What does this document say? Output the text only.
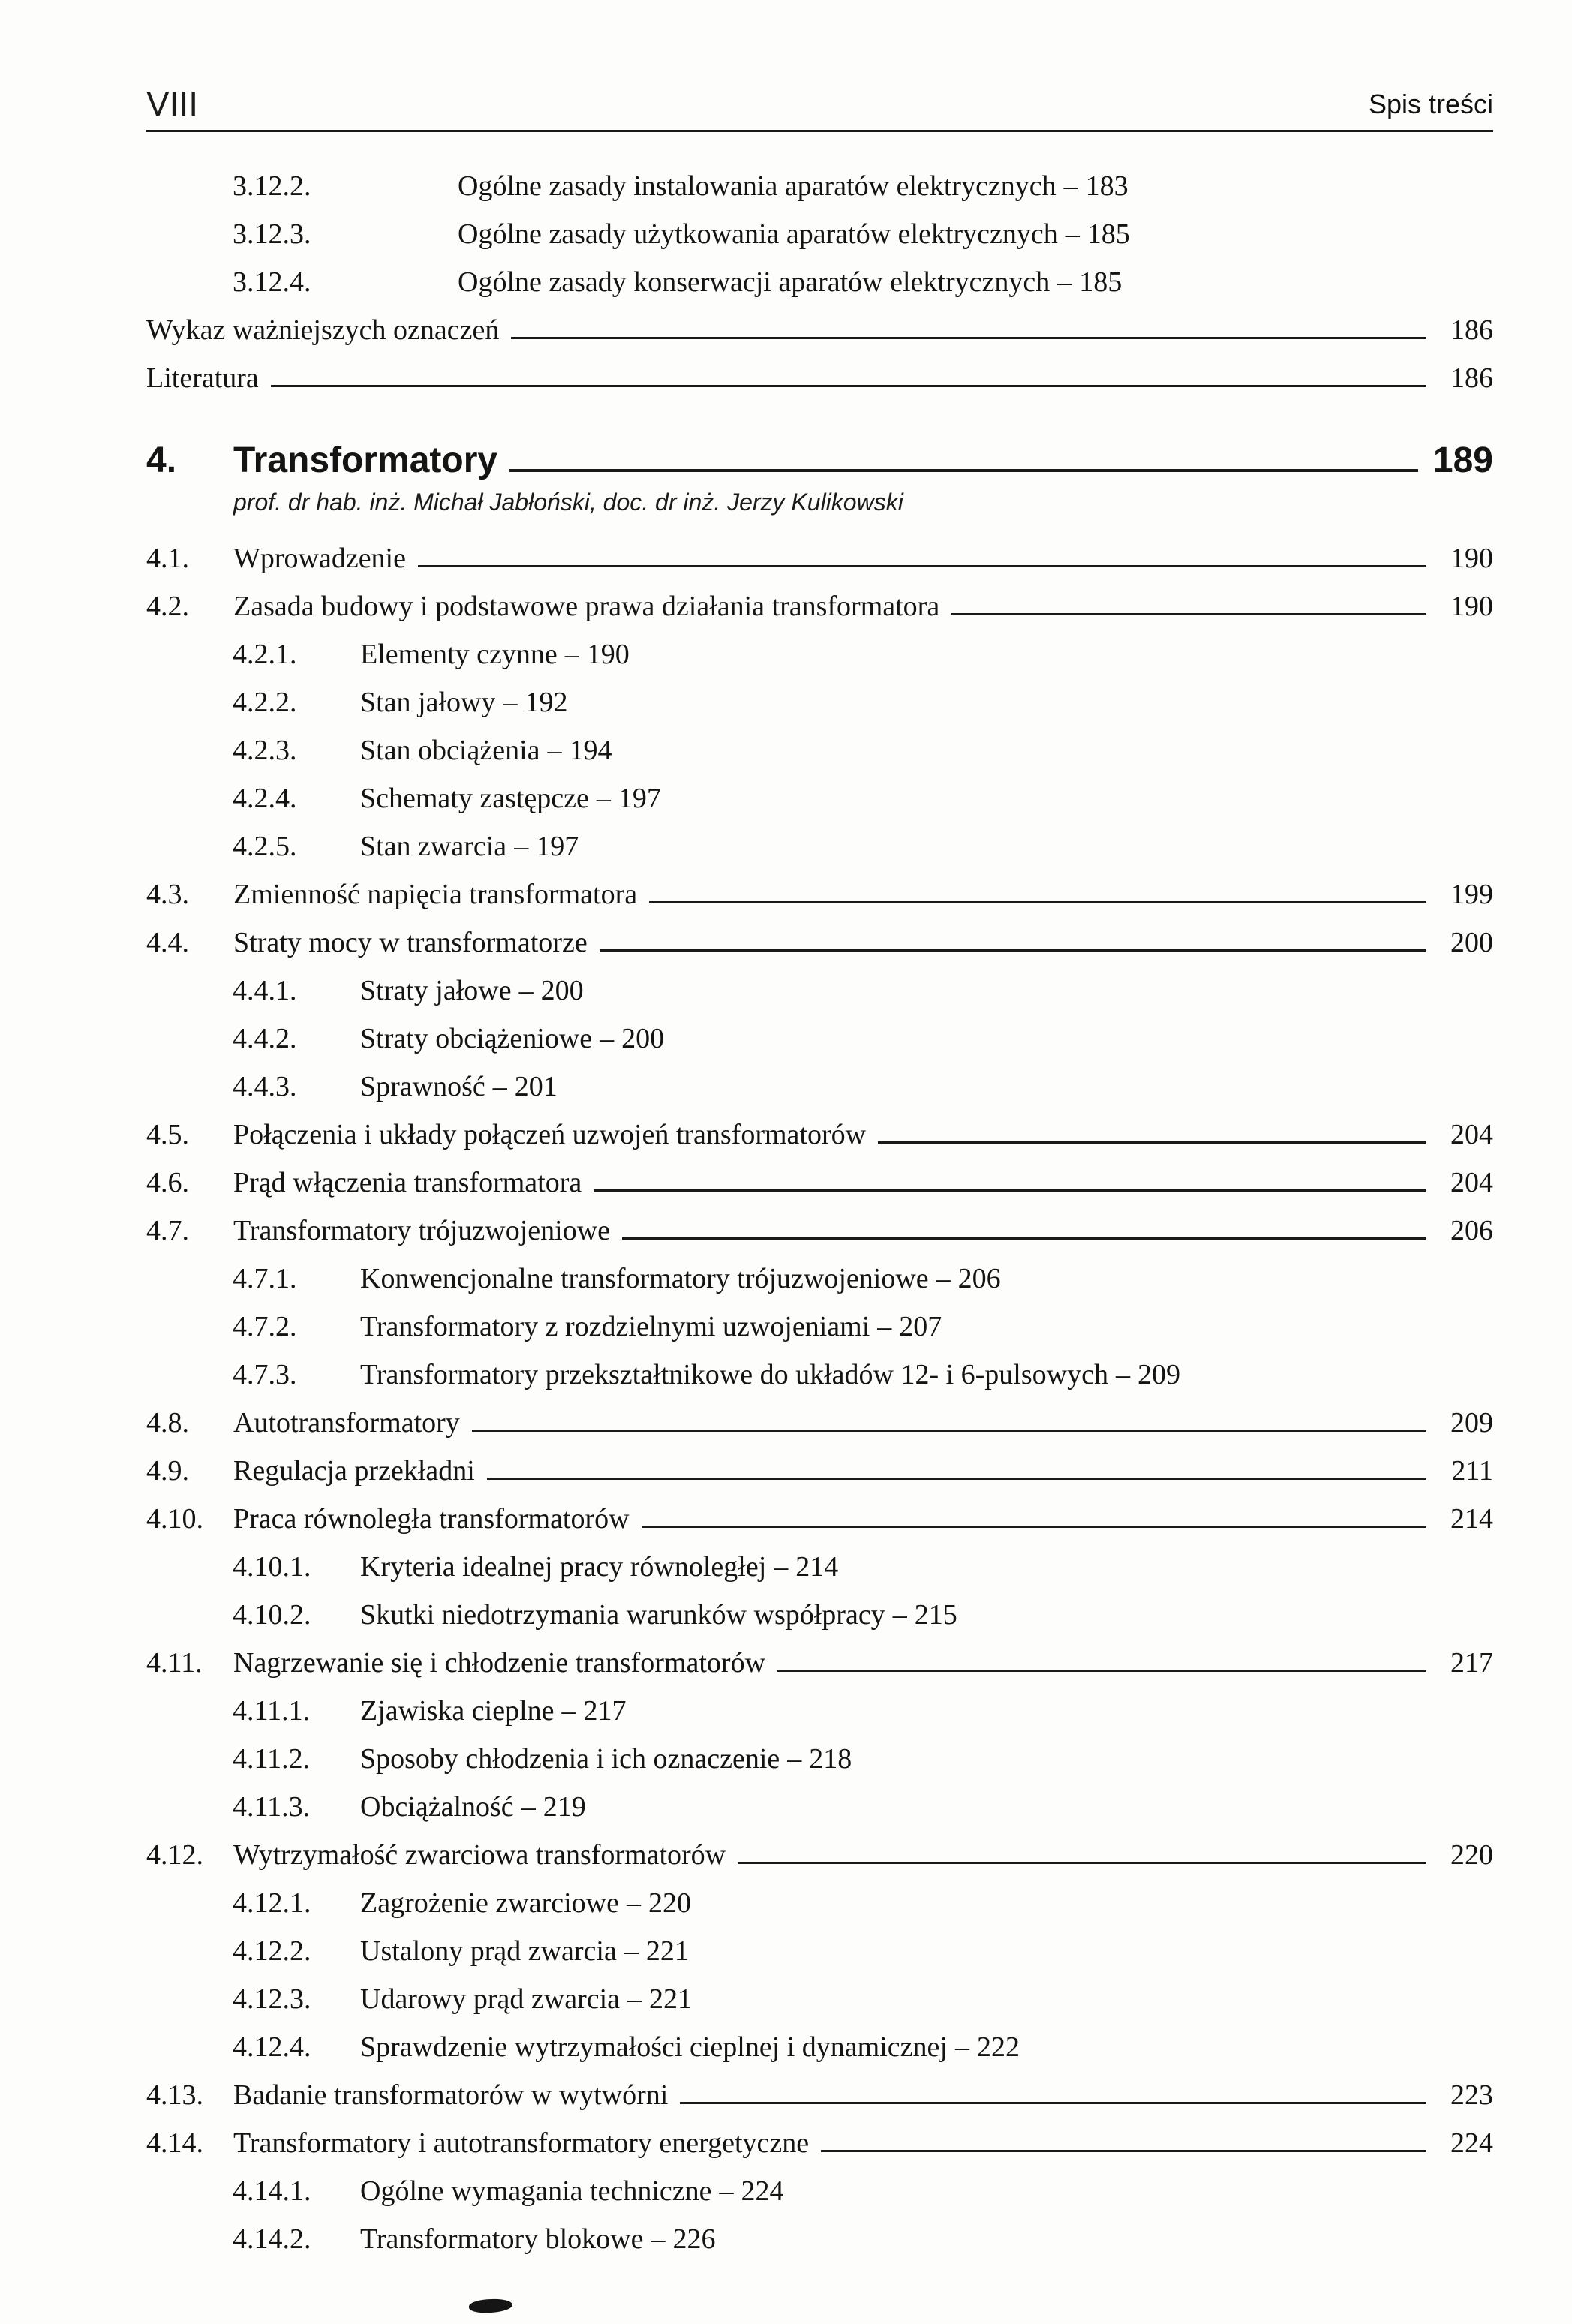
VIII	Spis treści
3.12.2.	Ogólne zasady instalowania aparatów elektrycznych – 183
3.12.3.	Ogólne zasady użytkowania aparatów elektrycznych – 185
3.12.4.	Ogólne zasady konserwacji aparatów elektrycznych – 185
Wykaz ważniejszych oznaczeń	186
Literatura	186
4.	Transformatory	189
prof. dr hab. inż. Michał Jabłoński, doc. dr inż. Jerzy Kulikowski
4.1.	Wprowadzenie	190
4.2.	Zasada budowy i podstawowe prawa działania transformatora	190
4.2.1.	Elementy czynne – 190
4.2.2.	Stan jałowy – 192
4.2.3.	Stan obciążenia – 194
4.2.4.	Schematy zastępcze – 197
4.2.5.	Stan zwarcia – 197
4.3.	Zmienność napięcia transformatora	199
4.4.	Straty mocy w transformatorze	200
4.4.1.	Straty jałowe – 200
4.4.2.	Straty obciążeniowe – 200
4.4.3.	Sprawność – 201
4.5.	Połączenia i układy połączeń uzwojeń transformatorów	204
4.6.	Prąd włączenia transformatora	204
4.7.	Transformatory trójuzwojeniowe	206
4.7.1.	Konwencjonalne transformatory trójuzwojeniowe – 206
4.7.2.	Transformatory z rozdzielnymi uzwojeniami – 207
4.7.3.	Transformatory przekształtnikowe do układów 12- i 6-pulsowych – 209
4.8.	Autotransformatory	209
4.9.	Regulacja przekładni	211
4.10.	Praca równoległa transformatorów	214
4.10.1.	Kryteria idealnej pracy równoległej – 214
4.10.2.	Skutki niedotrzymania warunków współpracy – 215
4.11.	Nagrzewanie się i chłodzenie transformatorów	217
4.11.1.	Zjawiska cieplne – 217
4.11.2.	Sposoby chłodzenia i ich oznaczenie – 218
4.11.3.	Obciążalność – 219
4.12.	Wytrzymałość zwarciowa transformatorów	220
4.12.1.	Zagrożenie zwarciowe – 220
4.12.2.	Ustalony prąd zwarcia – 221
4.12.3.	Udarowy prąd zwarcia – 221
4.12.4.	Sprawdzenie wytrzymałości cieplnej i dynamicznej – 222
4.13.	Badanie transformatorów w wytwórni	223
4.14.	Transformatory i autotransformatory energetyczne	224
4.14.1.	Ogólne wymagania techniczne – 224
4.14.2.	Transformatory blokowe – 226
